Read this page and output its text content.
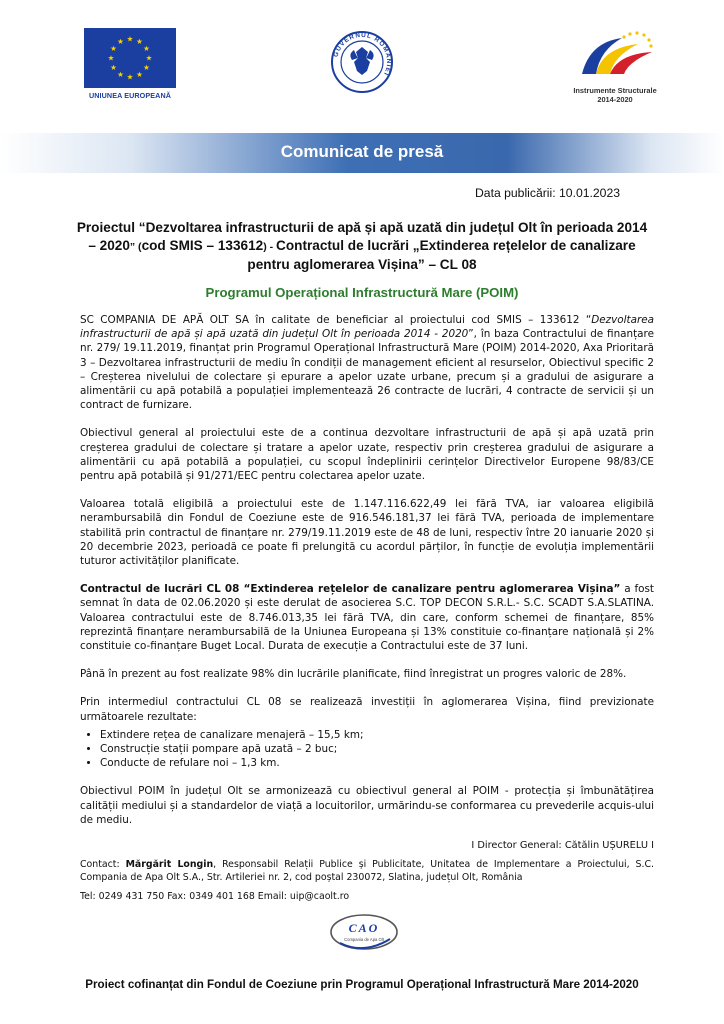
★ ★
★
★
★
★
★
★
★
★
★
★
UNIUNEA EUROPEANĂ
GUVERNUL ROMÂNIEI
Instrumente Structurale
2014-2020
Comunicat de presă
Data publicării: 10.01.2023
Proiectul “Dezvoltarea infrastructurii de apă și apă uzată din județul Olt în perioada 2014 – 2020” (cod SMIS – 133612) - Contractul de lucrări „Extinderea rețelelor de canalizare pentru aglomerarea Vișina” – CL 08
Programul Operațional Infrastructură Mare (POIM)

SC COMPANIA DE APĂ OLT SA în calitate de beneficiar al proiectului cod SMIS – 133612 “Dezvoltarea infrastructurii de apă și apă uzată din județul Olt în perioada 2014 - 2020”, în baza Contractului de finanțare nr. 279/ 19.11.2019, finanțat prin Programul Operațional Infrastructură Mare (POIM) 2014-2020, Axa Prioritară 3 – Dezvoltarea infrastructurii de mediu în condiții de management eficient al resurselor, Obiectivul specific 2 – Creșterea nivelului de colectare și epurare a apelor uzate urbane, precum și a gradului de asigurare a alimentării cu apă potabilă a populației implementează 26 contracte de lucrări, 4 contracte de servicii și un contract de furnizare.

Obiectivul general al proiectului este de a continua dezvoltare infrastructurii de apă și apă uzată prin creșterea gradului de colectare și tratare a apelor uzate, respectiv prin creșterea gradului de asigurare a alimentării cu apă potabilă a populației, cu scopul îndeplinirii cerințelor Directivelor Europene 98/83/CE pentru apă potabilă și 91/271/EEC pentru colectarea apelor uzate.

Valoarea totală eligibilă a proiectului este de 1.147.116.622,49 lei fără TVA, iar valoarea eligibilă nerambursabilă din Fondul de Coeziune este de 916.546.181,37 lei fără TVA, perioada de implementare stabilită prin contractul de finanțare nr. 279/19.11.2019 este de 48 de luni, respectiv între 20 ianuarie 2020 și 20 decembrie 2023, perioadă ce poate fi prelungită cu acordul părților, în funcție de evoluția implementării tuturor activităților planificate.

Contractul de lucrări CL 08 “Extinderea rețelelor de canalizare pentru aglomerarea Vișina” a fost semnat în data de 02.06.2020 și este derulat de asocierea S.C. TOP DECON S.R.L.- S.C. SCADT S.A.SLATINA. Valoarea contractului este de 8.746.013,35 lei fără TVA, din care, conform schemei de finanțare, 85% reprezintă finanțare nerambursabilă de la Uniunea Europeana și 13% constituie co-finanțare națională și 2% constituie co-finanțare Buget Local. Durata de execuție a Contractului este de 37 luni.

Până în prezent au fost realizate 98% din lucrările planificate, fiind înregistrat un progres valoric de 28%.

Prin intermediul contractului CL 08 se realizează investiții în aglomerarea Vișina, fiind previzionate următoarele rezultate:

• Extindere rețea de canalizare menajeră – 15,5 km;
• Construcție stații pompare apă uzată – 2 buc;
• Conducte de refulare noi – 1,3 km.

Obiectivul POIM în județul Olt se armonizează cu obiectivul general al POIM - protecția și îmbunătățirea calității mediului și a standardelor de viață a locuitorilor, urmărindu-se conformarea cu prevederile acquis-ului de mediu.

I Director General: Cătălin UȘURELU I

Contact: Mărgărit Longin, Responsabil Relații Publice și Publicitate, Unitatea de Implementare a Proiectului, S.C. Compania de Apa Olt S.A., Str. Artileriei nr. 2, cod poștal 230072, Slatina, județul Olt, România

Tel: 0249 431 750 Fax: 0349 401 168 Email: uip@caolt.ro

CAO
Compania de Apa Olt
Proiect cofinanțat din Fondul de Coeziune prin Programul Operațional Infrastructură Mare 2014-2020
